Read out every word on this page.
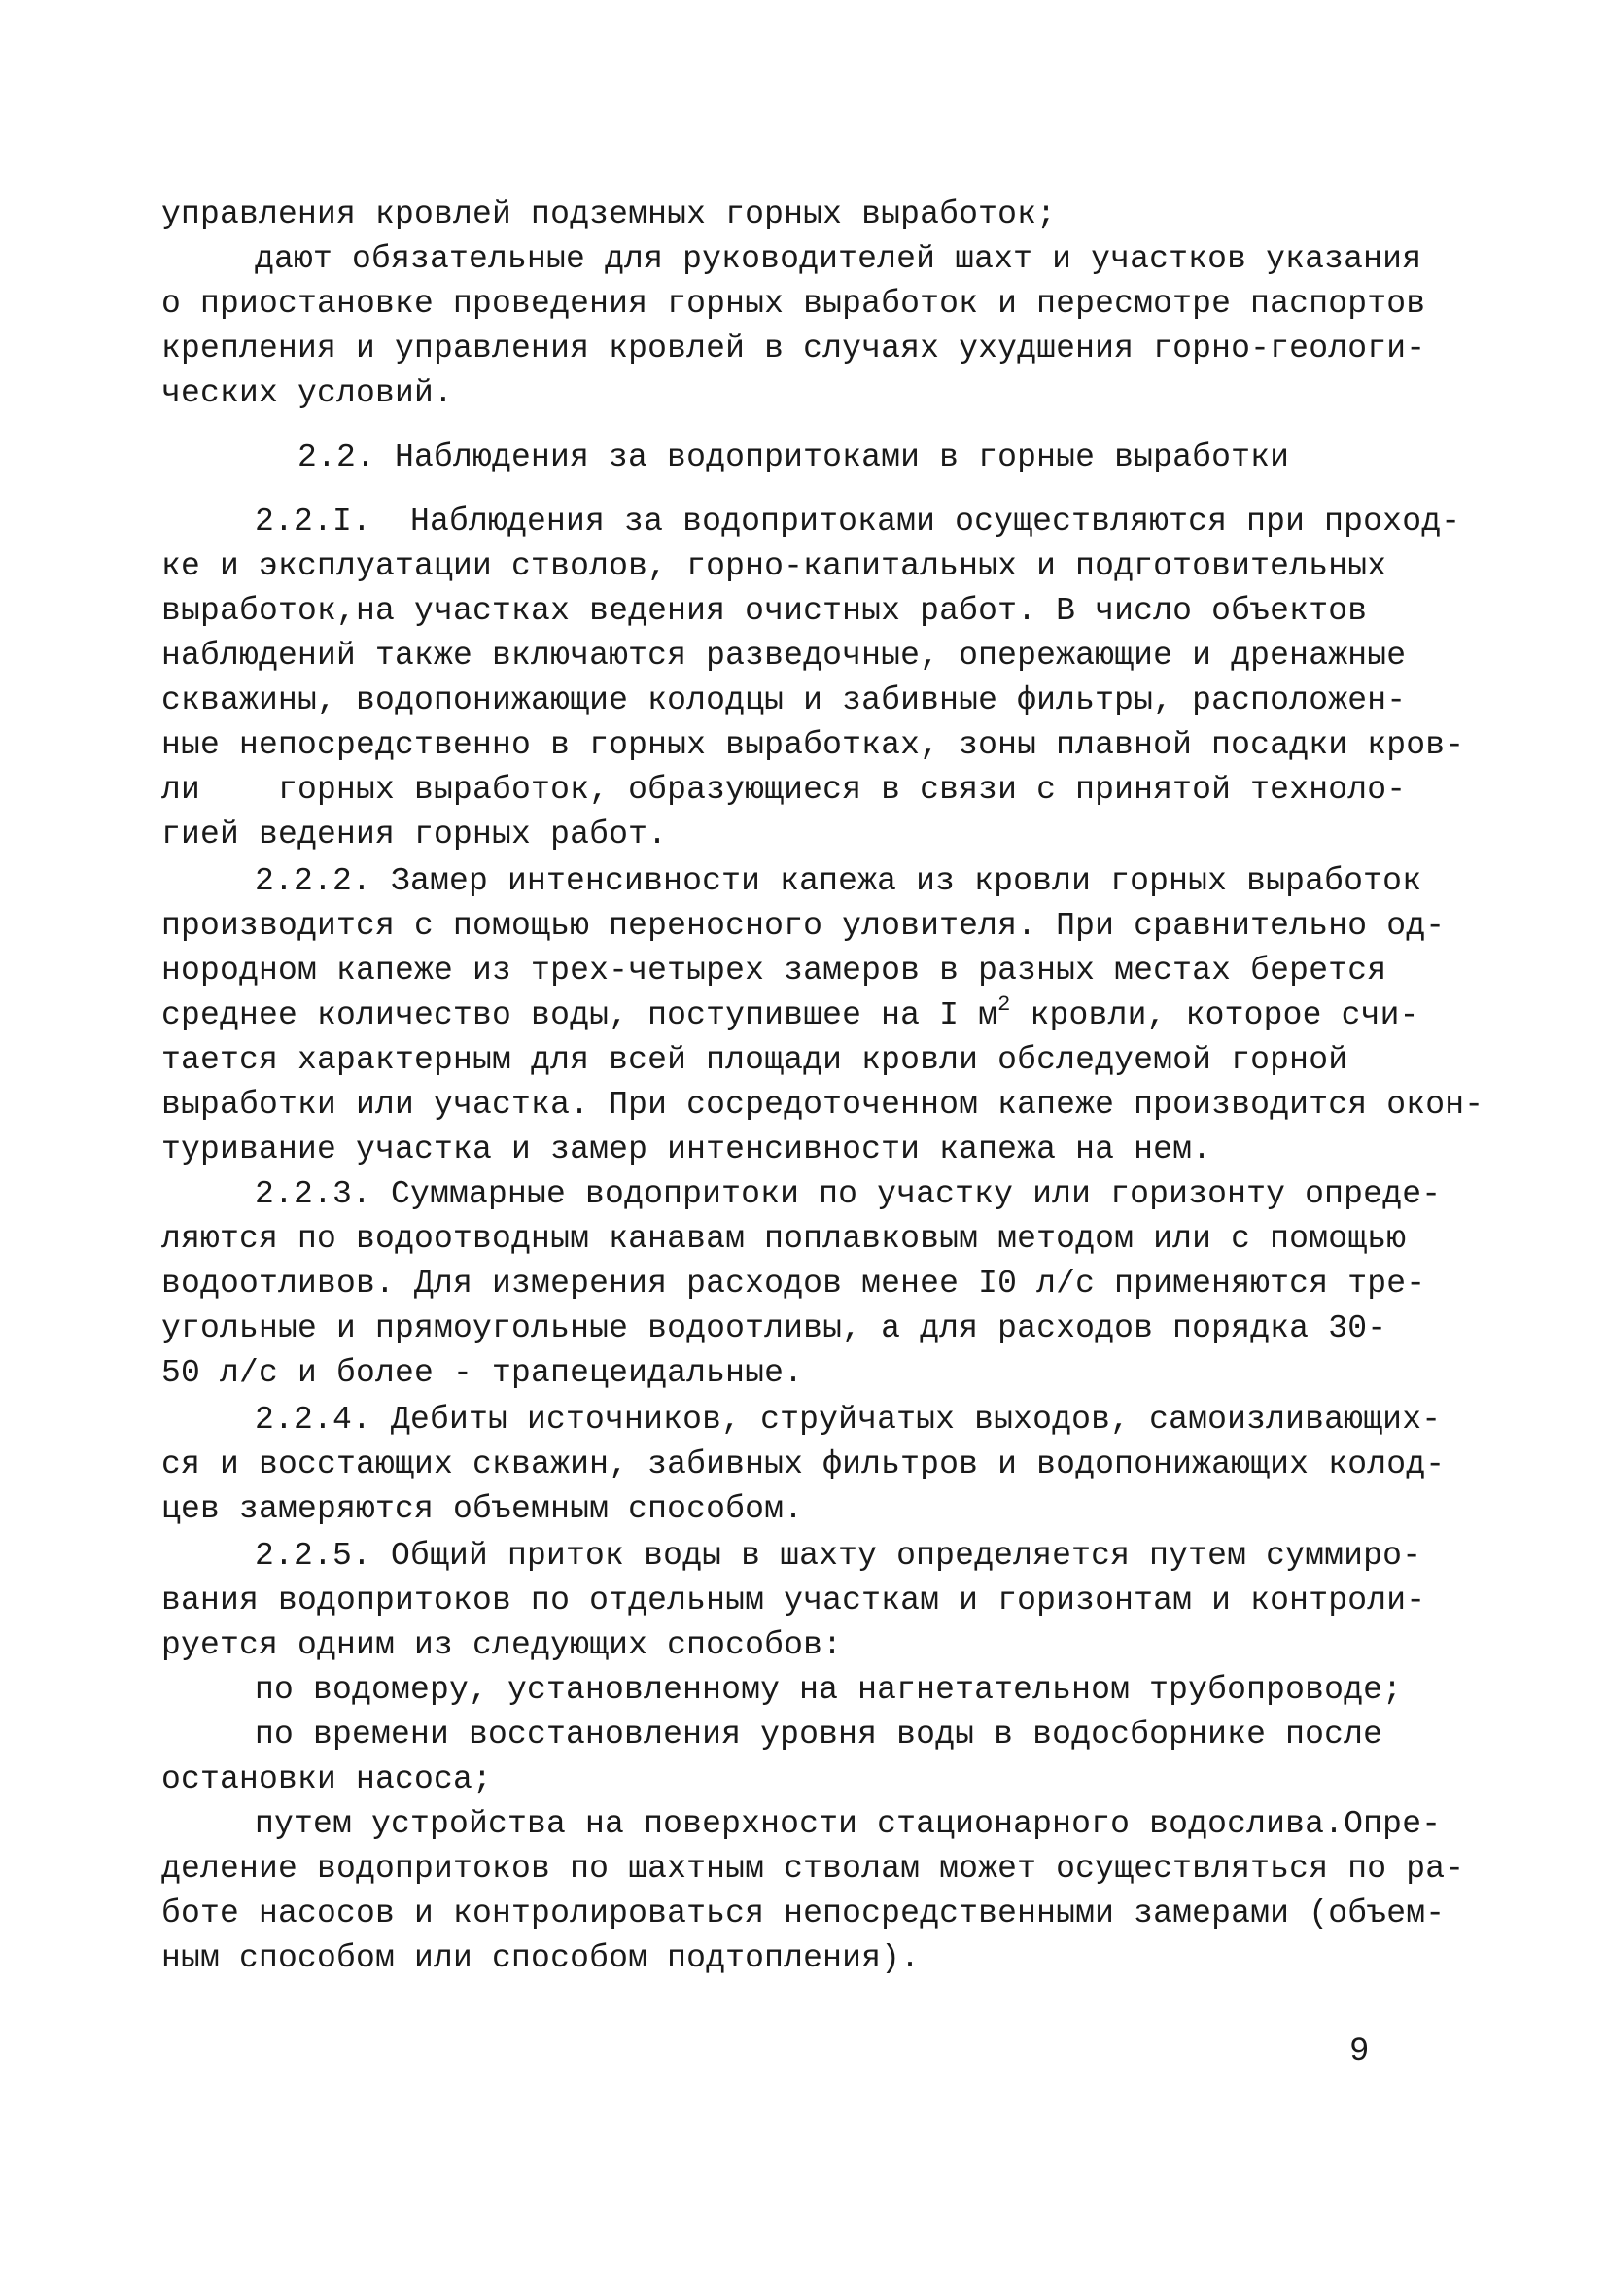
управления кровлей подземных горных выработок;
дают обязательные для руководителей шахт и участков указания
о приостановке проведения горных выработок и пересмотре паспортов
крепления и управления кровлей в случаях ухудшения горно-геологи-
ческих условий.
2.2. Наблюдения за водопритоками в горные выработки
2.2.I.  Наблюдения за водопритоками осуществляются при проход-
ке и эксплуатации стволов, горно-капитальных и подготовительных
выработок,на участках ведения очистных работ. В число объектов
наблюдений также включаются разведочные, опережающие и дренажные
скважины, водопонижающие колодцы и забивные фильтры, расположен-
ные непосредственно в горных выработках, зоны плавной посадки кров-
ли    горных выработок, образующиеся в связи с принятой техноло-
гией ведения горных работ.
2.2.2. Замер интенсивности капежа из кровли горных выработок
производится с помощью переносного уловителя. При сравнительно од-
нородном капеже из трех-четырех замеров в разных местах берется
среднее количество воды, поступившее на I $м^2$ кровли, которое счи-
тается характерным для всей площади кровли обследуемой горной
выработки или участка. При сосредоточенном капеже производится окон-
туривание участка и замер интенсивности капежа на нем.
2.2.3. Суммарные водопритоки по участку или горизонту опреде-
ляются по водоотводным канавам поплавковым методом или с помощью
водоотливов. Для измерения расходов менее I0 л/с применяются тре-
угольные и прямоугольные водоотливы, а для расходов порядка 30-
50 л/с и более - трапецеидальные.
2.2.4. Дебиты источников, струйчатых выходов, самоизливающих-
ся и восстающих скважин, забивных фильтров и водопонижающих колод-
цев замеряются объемным способом.
2.2.5. Общий приток воды в шахту определяется путем суммиро-
вания водопритоков по отдельным участкам и горизонтам и контроли-
руется одним из следующих способов:
по водомеру, установленному на нагнетательном трубопроводе;
по времени восстановления уровня воды в водосборнике после
остановки насоса;
путем устройства на поверхности стационарного водослива.Опре-
деление водопритоков по шахтным стволам может осуществляться по ра-
боте насосов и контролироваться непосредственными замерами (объем-
ным способом или способом подтопления).
9
